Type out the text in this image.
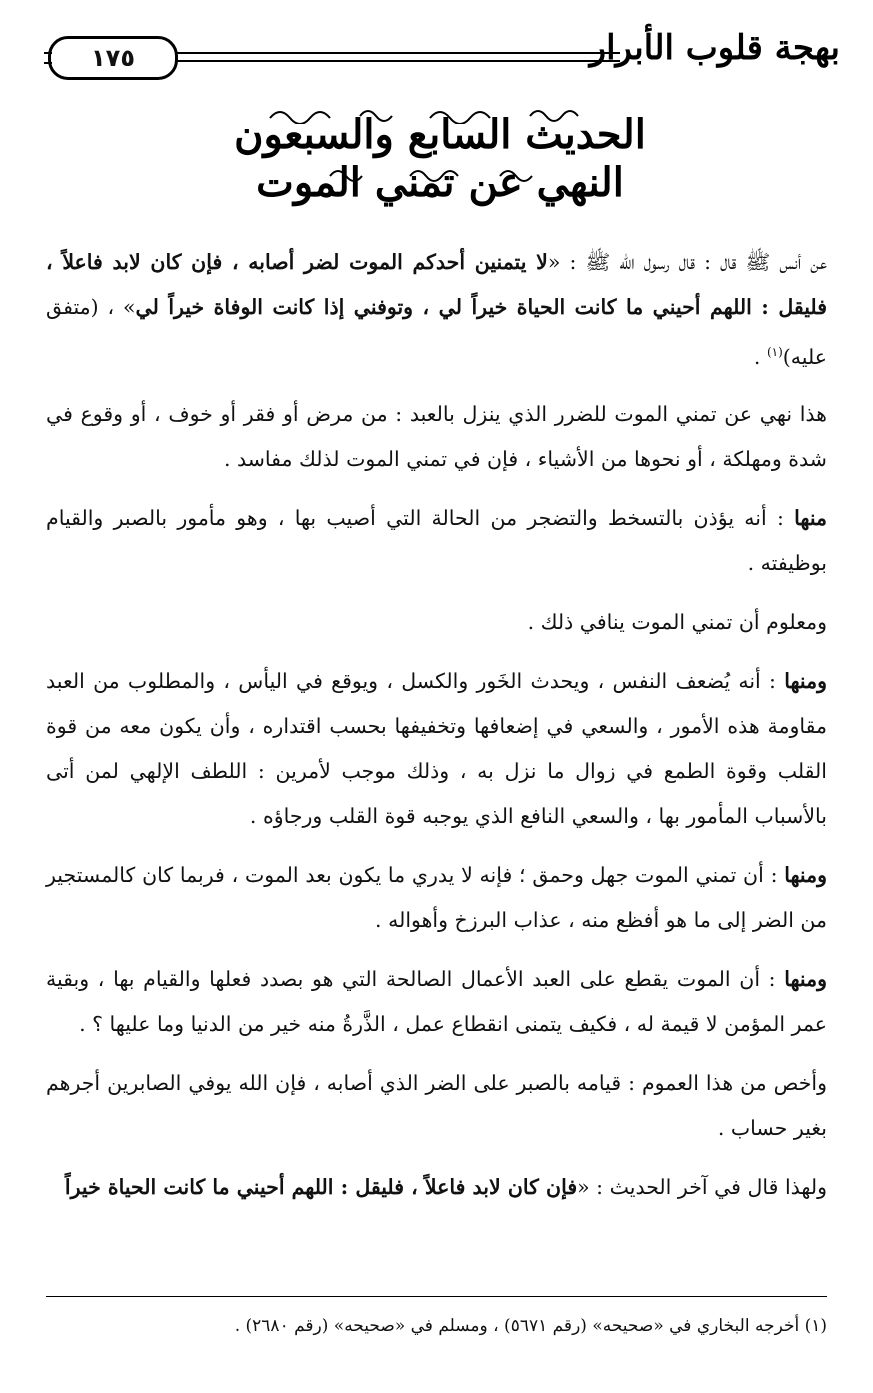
١٧٥	بهجة قلوب الأبرار
الحديث السابع والسبعون
النهي عن تمني الموت

عن أنس ﷺ قال : قال رسول الله ﷺ : «لا يتمنين أحدكم الموت لضر أصابه ، فإن كان لابد فاعلاً ، فليقل : اللهم أحيني ما كانت الحياة خيراً لي ، وتوفني إذا كانت الوفاة خيراً لي» ، (متفق عليه)$^{(١)}$ .

هذا نهي عن تمني الموت للضرر الذي ينزل بالعبد : من مرض أو فقر أو خوف ، أو وقوع في شدة ومهلكة ، أو نحوها من الأشياء ، فإن في تمني الموت لذلك مفاسد .

منها : أنه يؤذن بالتسخط والتضجر من الحالة التي أصيب بها ، وهو مأمور بالصبر والقيام بوظيفته .

ومعلوم أن تمني الموت ينافي ذلك .

ومنها : أنه يُضعف النفس ، ويحدث الخَور والكسل ، ويوقع في اليأس ، والمطلوب من العبد مقاومة هذه الأمور ، والسعي في إضعافها وتخفيفها بحسب اقتداره ، وأن يكون معه من قوة القلب وقوة الطمع في زوال ما نزل به ، وذلك موجب لأمرين : اللطف الإلهي لمن أتى بالأسباب المأمور بها ، والسعي النافع الذي يوجبه قوة القلب ورجاؤه .

ومنها : أن تمني الموت جهل وحمق ؛ فإنه لا يدري ما يكون بعد الموت ، فربما كان كالمستجير من الضر إلى ما هو أفظع منه ، عذاب البرزخ وأهواله .

ومنها : أن الموت يقطع على العبد الأعمال الصالحة التي هو بصدد فعلها والقيام بها ، وبقية عمر المؤمن لا قيمة له ، فكيف يتمنى انقطاع عمل ، الذَّرةُ منه خير من الدنيا وما عليها ؟ .

وأخص من هذا العموم : قيامه بالصبر على الضر الذي أصابه ، فإن الله يوفي الصابرين أجرهم بغير حساب .

ولهذا قال في آخر الحديث : «فإن كان لابد فاعلاً ، فليقل : اللهم أحيني ما كانت الحياة خيراً

(١) أخرجه البخاري في «صحيحه» (رقم ٥٦٧١) ، ومسلم في «صحيحه» (رقم ٢٦٨٠) .
